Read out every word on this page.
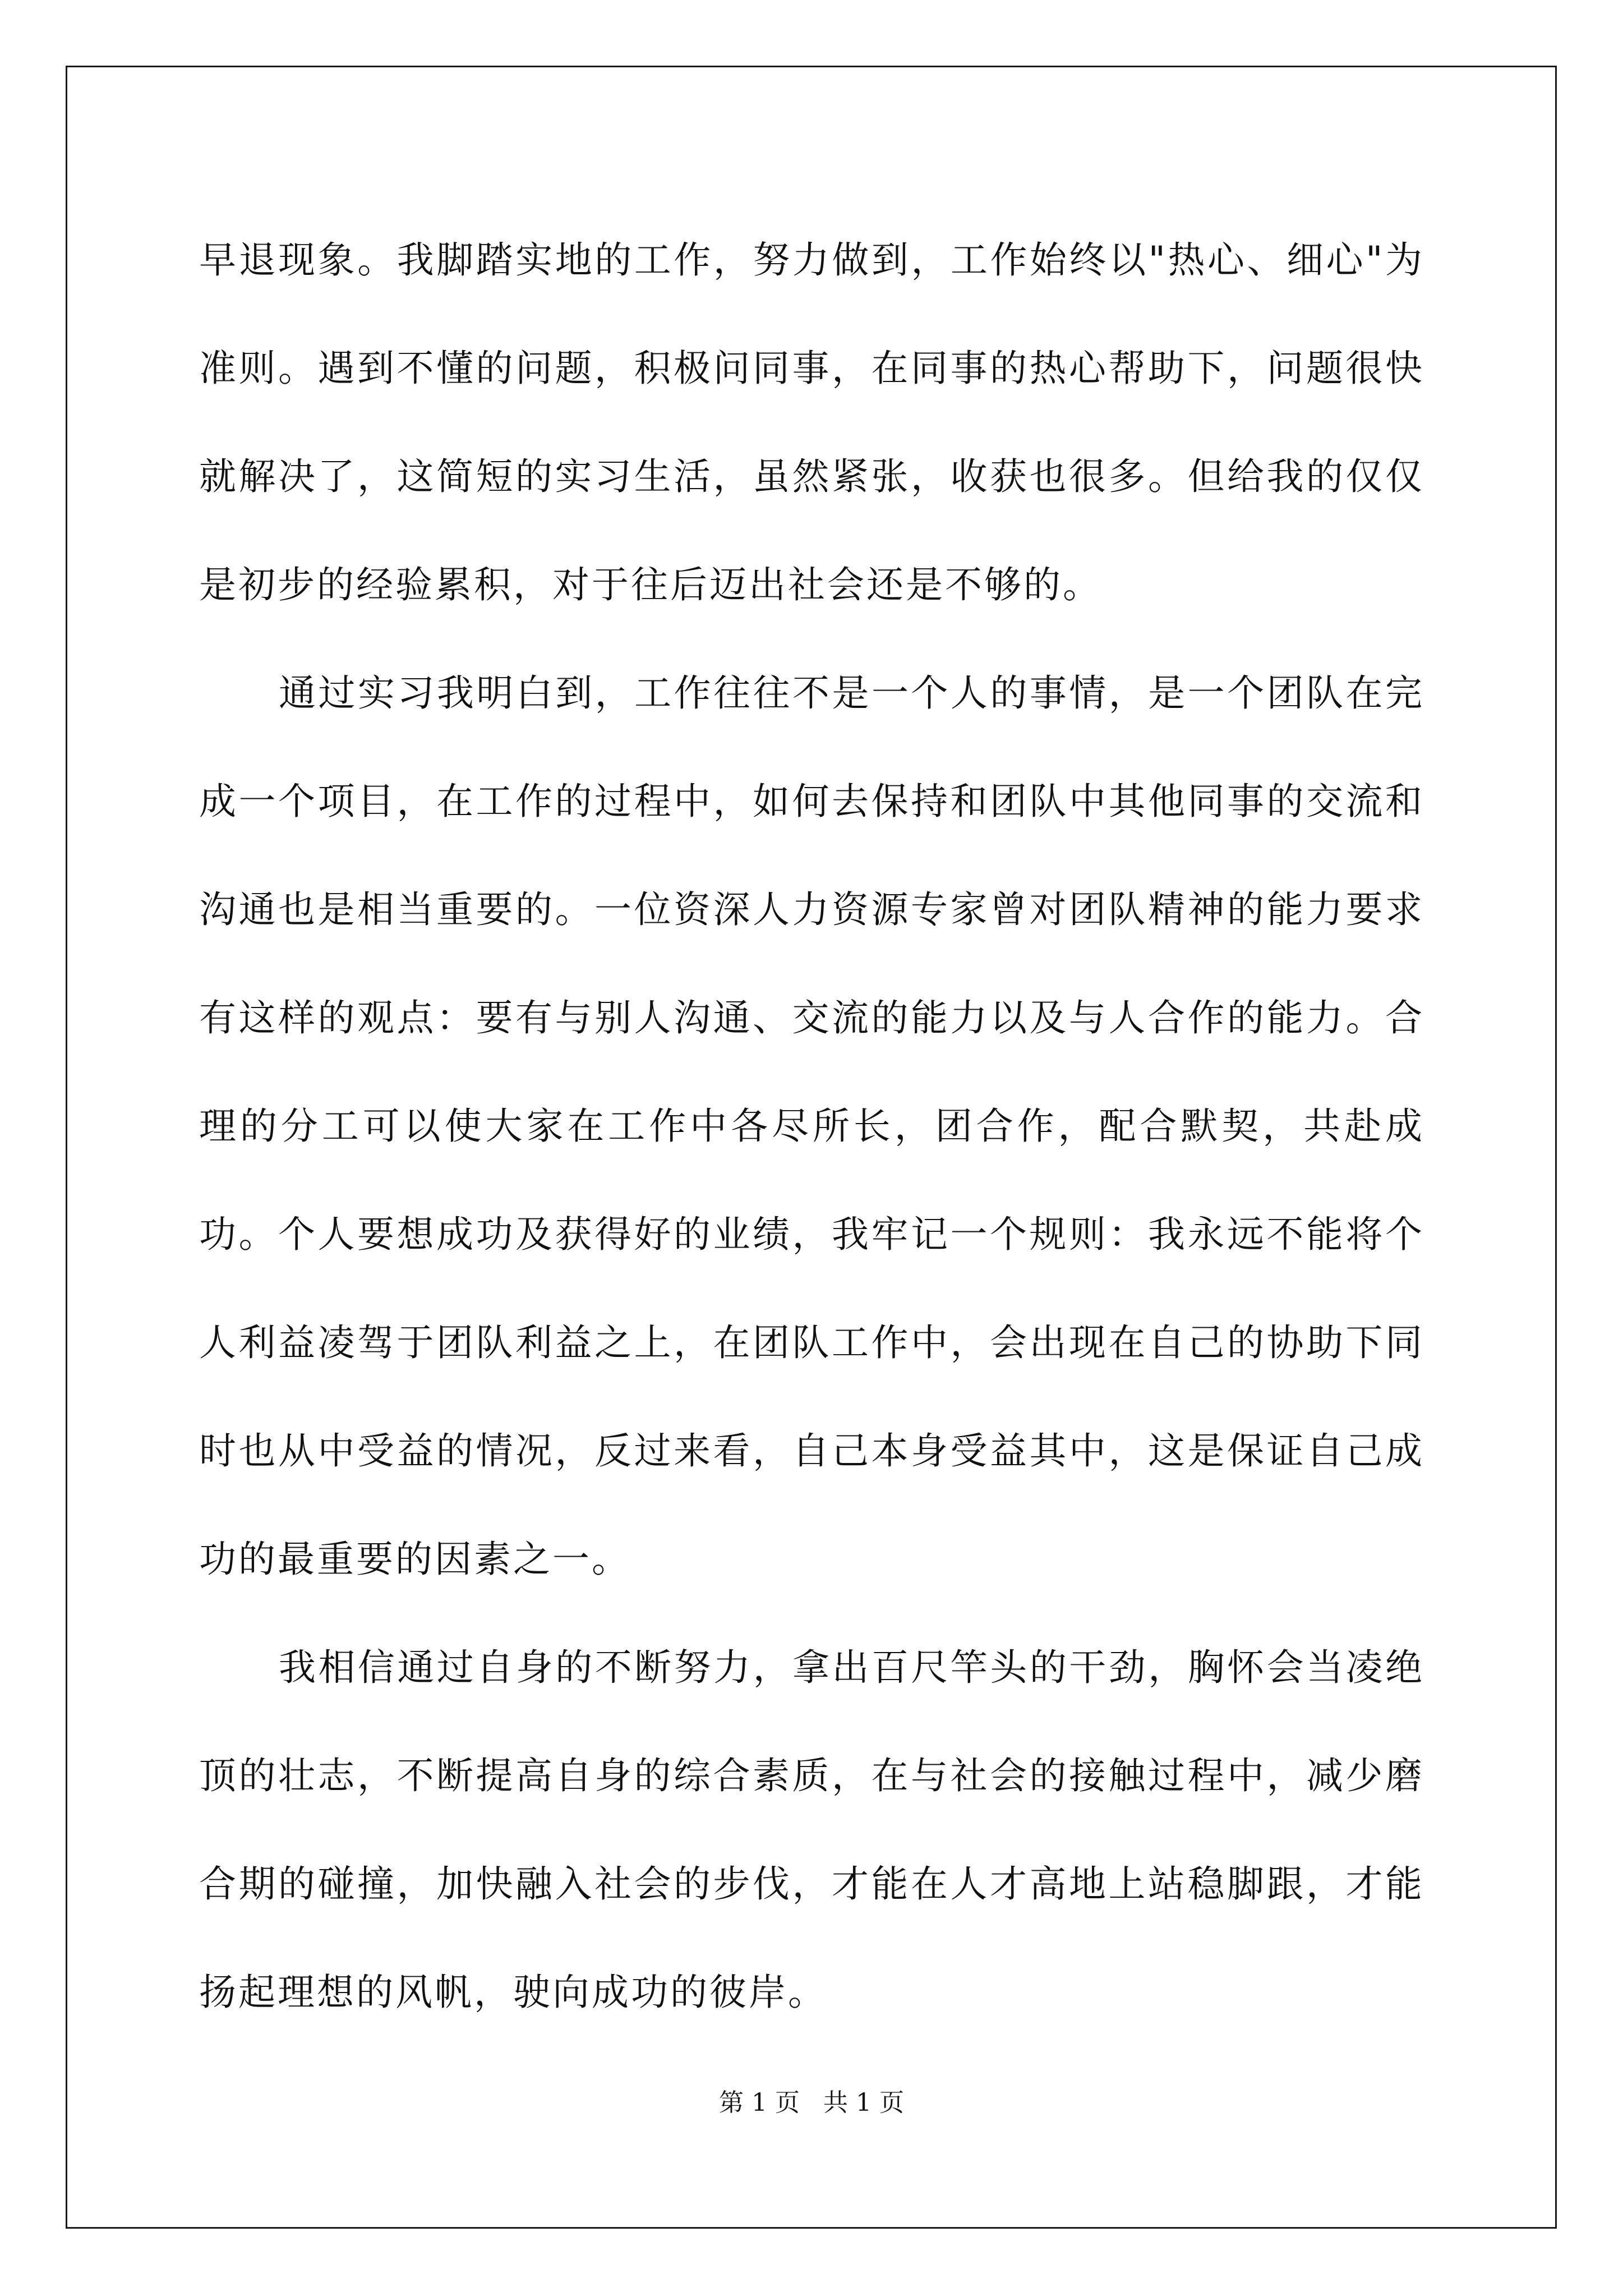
早退现象。我脚踏实地的工作，努力做到，工作始终以"热心、细心"为准则。遇到不懂的问题，积极问同事，在同事的热心帮助下，问题很快就解决了，这简短的实习生活，虽然紧张，收获也很多。但给我的仅仅是初步的经验累积，对于往后迈出社会还是不够的。

通过实习我明白到，工作往往不是一个人的事情，是一个团队在完成一个项目，在工作的过程中，如何去保持和团队中其他同事的交流和沟通也是相当重要的。一位资深人力资源专家曾对团队精神的能力要求有这样的观点：要有与别人沟通、交流的能力以及与人合作的能力。合理的分工可以使大家在工作中各尽所长，团合作，配合默契，共赴成功。个人要想成功及获得好的业绩，我牢记一个规则：我永远不能将个人利益凌驾于团队利益之上，在团队工作中，会出现在自己的协助下同时也从中受益的情况，反过来看，自己本身受益其中，这是保证自己成功的最重要的因素之一。

我相信通过自身的不断努力，拿出百尺竿头的干劲，胸怀会当凌绝顶的壮志，不断提高自身的综合素质，在与社会的接触过程中，减少磨合期的碰撞，加快融入社会的步伐，才能在人才高地上站稳脚跟，才能扬起理想的风帆，驶向成功的彼岸。

第 1 页   共 1 页
